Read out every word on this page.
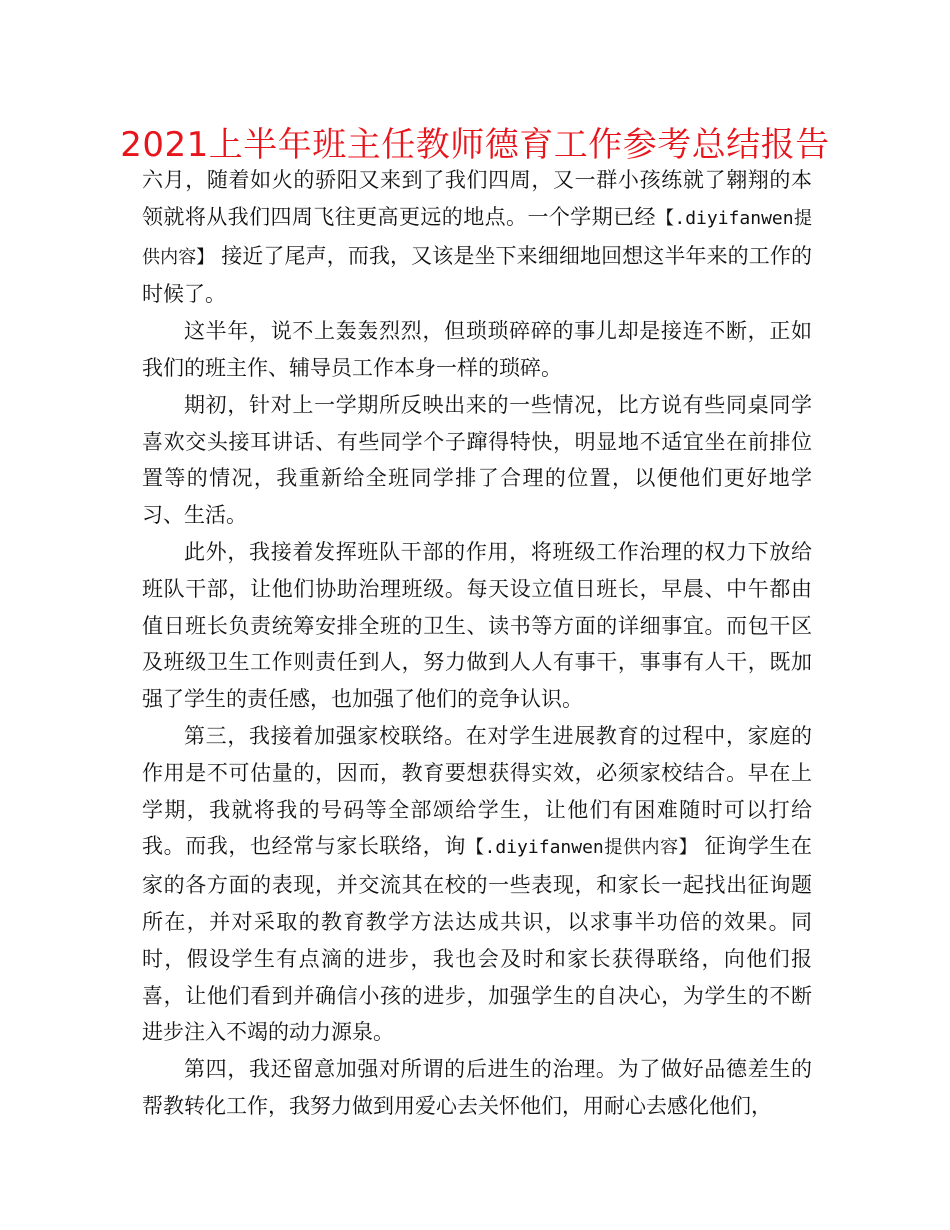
2021上半年班主任教师德育工作参考总结报告

六月，随着如火的骄阳又来到了我们四周，又一群小孩练就了翱翔的本领就将从我们四周飞往更高更远的地点。一个学期已经【.diyifanwen提供内容】 接近了尾声，而我，又该是坐下来细细地回想这半年来的工作的时候了。

这半年，说不上轰轰烈烈，但琐琐碎碎的事儿却是接连不断，正如我们的班主作、辅导员工作本身一样的琐碎。

期初，针对上一学期所反映出来的一些情况，比方说有些同桌同学喜欢交头接耳讲话、有些同学个子蹿得特快，明显地不适宜坐在前排位置等的情况，我重新给全班同学排了合理的位置，以便他们更好地学习、生活。

此外，我接着发挥班队干部的作用，将班级工作治理的权力下放给班队干部，让他们协助治理班级。每天设立值日班长，早晨、中午都由值日班长负责统筹安排全班的卫生、读书等方面的详细事宜。而包干区及班级卫生工作则责任到人，努力做到人人有事干，事事有人干，既加强了学生的责任感，也加强了他们的竞争认识。

第三，我接着加强家校联络。在对学生进展教育的过程中，家庭的作用是不可估量的，因而，教育要想获得实效，必须家校结合。早在上学期，我就将我的号码等全部颂给学生，让他们有困难随时可以打给我。而我，也经常与家长联络，询【.diyifanwen提供内容】 征询学生在家的各方面的表现，并交流其在校的一些表现，和家长一起找出征询题所在，并对采取的教育教学方法达成共识，以求事半功倍的效果。同时，假设学生有点滴的进步，我也会及时和家长获得联络，向他们报喜，让他们看到并确信小孩的进步，加强学生的自决心，为学生的不断进步注入不竭的动力源泉。

第四，我还留意加强对所谓的后进生的治理。为了做好品德差生的帮教转化工作，我努力做到用爱心去关怀他们，用耐心去感化他们，
